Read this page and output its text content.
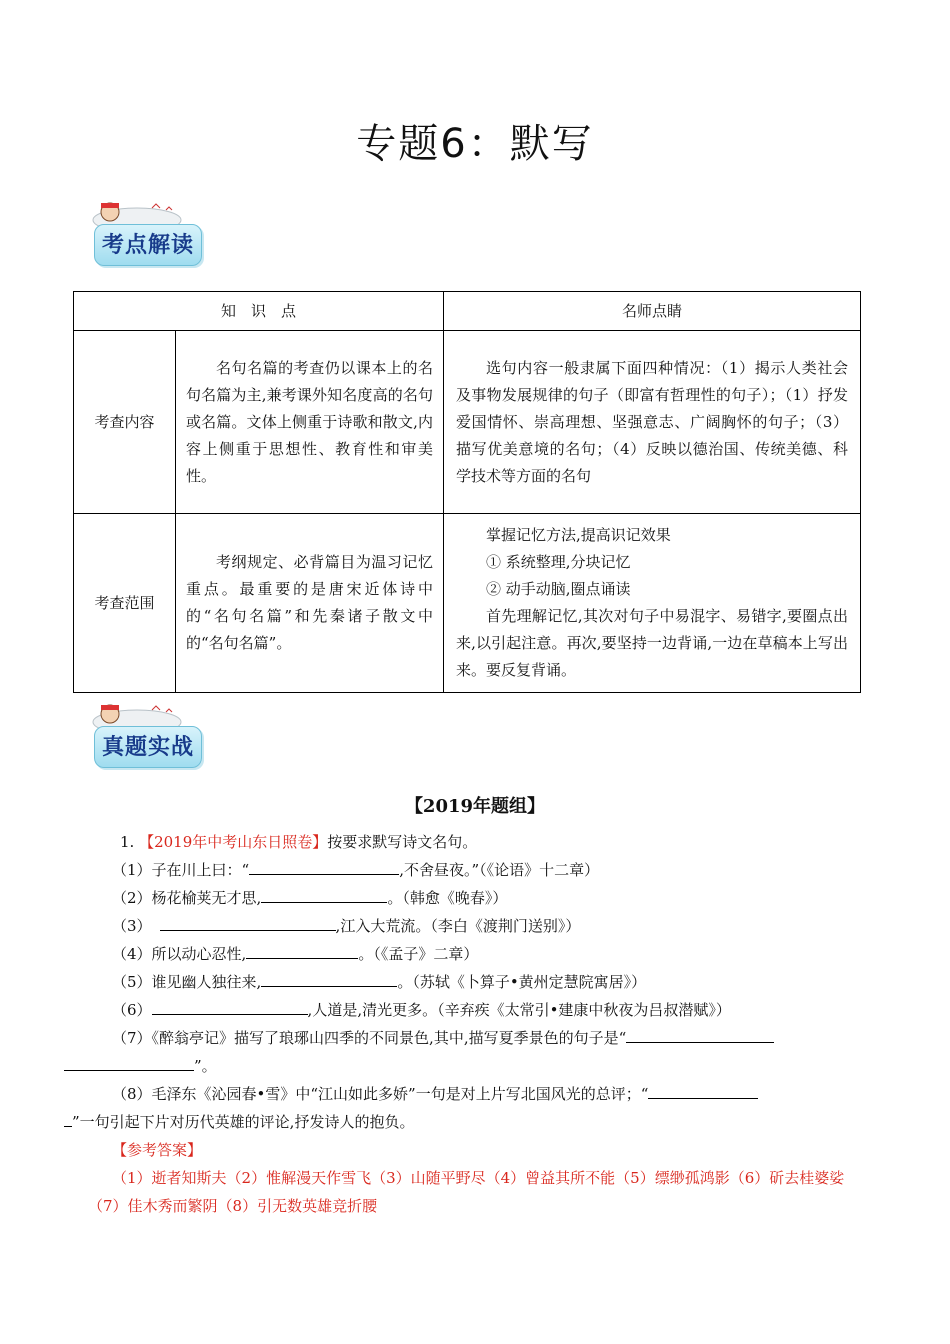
专题6：默写
考点解读
知　识　点		名师点睛
考查内容	名句名篇的考查仍以课本上的名句名篇为主,兼考课外知名度高的名句或名篇。文体上侧重于诗歌和散文,内容上侧重于思想性、教育性和审美性。	选句内容一般隶属下面四种情况：（1）揭示人类社会及事物发展规律的句子（即富有哲理性的句子）；（1）抒发爱国情怀、崇高理想、坚强意志、广阔胸怀的句子；（3）描写优美意境的名句；（4）反映以德治国、传统美德、科学技术等方面的名句

考查范围	考纲规定、必背篇目为温习记忆重点。最重要的是唐宋近体诗中的“名句名篇”和先秦诸子散文中的“名句名篇”。	掌握记忆方法,提高识记效果
① 系统整理,分块记忆
② 动手动脑,圈点诵读
首先理解记忆,其次对句子中易混字、易错字,要圈点出来,以引起注意。再次,要坚持一边背诵,一边在草稿本上写出来。要反复背诵。
真题实战
【2019年题组】

1. 【2019年中考山东日照卷】按要求默写诗文名句。

（1）子在川上曰：“	,不舍昼夜。”（《论语》十二章）

（2）杨花榆荚无才思,	。（韩愈《晚春》）

（3）	,江入大荒流。（李白《渡荆门送别》）

（4）所以动心忍性,	。（《孟子》二章）

（5）谁见幽人独往来,	。（苏轼《卜算子•黄州定慧院寓居》）

（6）	,人道是,清光更多。（辛弃疾《太常引•建康中秋夜为吕叔潜赋》）

（7）《醉翁亭记》描写了琅琊山四季的不同景色,其中,描写夏季景色的句子是“
”。

（8）毛泽东《沁园春•雪》中“江山如此多娇”一句是对上片写北国风光的总评；“
”一句引起下片对历代英雄的评论,抒发诗人的抱负。

【参考答案】

（1）逝者知斯夫（2）惟解漫天作雪飞（3）山随平野尽（4）曾益其所不能（5）缥缈孤鸿影（6）斫去桂婆娑（7）佳木秀而繁阴（8）引无数英雄竞折腰
